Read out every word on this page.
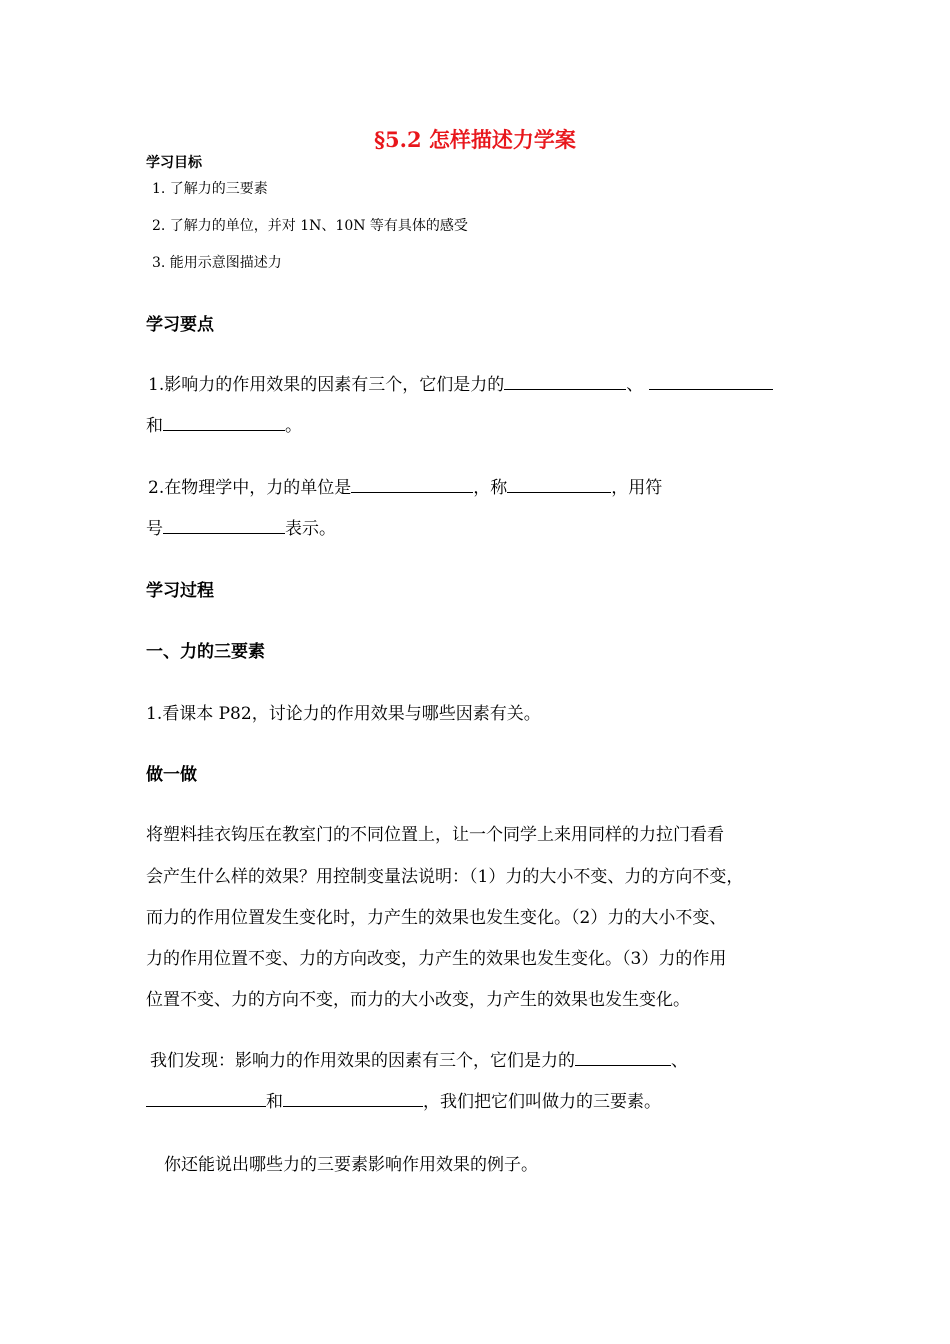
§5.2 怎样描述力学案
学习目标
1. 了解力的三要素
2. 了解力的单位，并对 1N、10N 等有具体的感受
3. 能用示意图描述力
学习要点
1.影响力的作用效果的因素有三个，它们是力的	、
和	。
2.在物理学中，力的单位是	，称	，用符
号	表示。
学习过程
一、力的三要素
1.看课本 P82，讨论力的作用效果与哪些因素有关。
做一做
将塑料挂衣钩压在教室门的不同位置上，让一个同学上来用同样的力拉门看看
会产生什么样的效果？用控制变量法说明：（1）力的大小不变、力的方向不变，
而力的作用位置发生变化时，力产生的效果也发生变化。（2）力的大小不变、
力的作用位置不变、力的方向改变，力产生的效果也发生变化。（3）力的作用
位置不变、力的方向不变，而力的大小改变，力产生的效果也发生变化。
我们发现：影响力的作用效果的因素有三个，它们是力的	、
和	，我们把它们叫做力的三要素。
你还能说出哪些力的三要素影响作用效果的例子。
